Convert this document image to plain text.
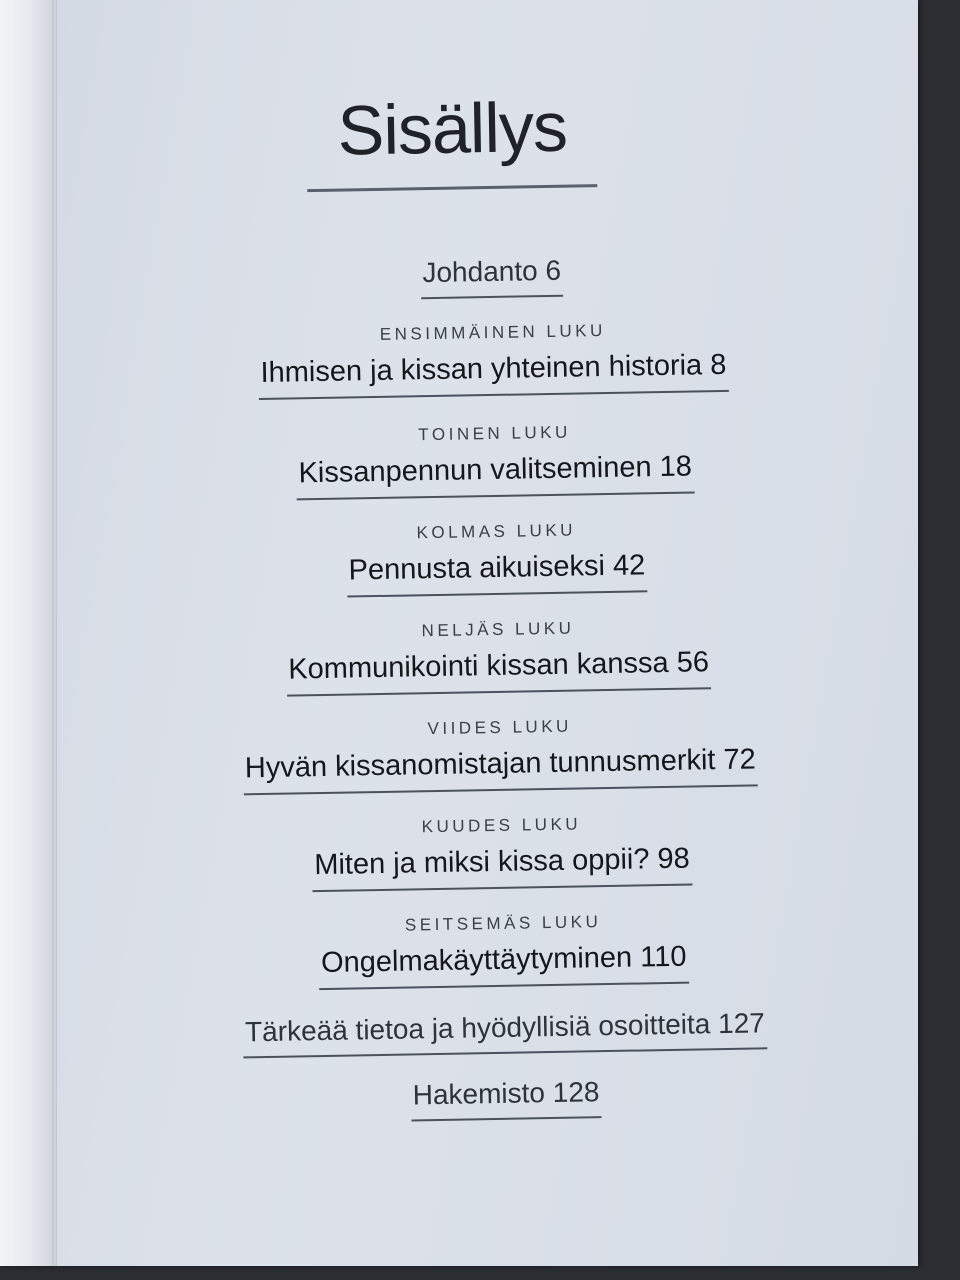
Sisällys
Johdanto 6
ENSIMMÄINEN LUKU
Ihmisen ja kissan yhteinen historia 8
TOINEN LUKU
Kissanpennun valitseminen 18
KOLMAS LUKU
Pennusta aikuiseksi 42
NELJÄS LUKU
Kommunikointi kissan kanssa 56
VIIDES LUKU
Hyvän kissanomistajan tunnusmerkit 72
KUUDES LUKU
Miten ja miksi kissa oppii? 98
SEITSEMÄS LUKU
Ongelmakäyttäytyminen 110
Tärkeää tietoa ja hyödyllisiä osoitteita 127
Hakemisto 128
